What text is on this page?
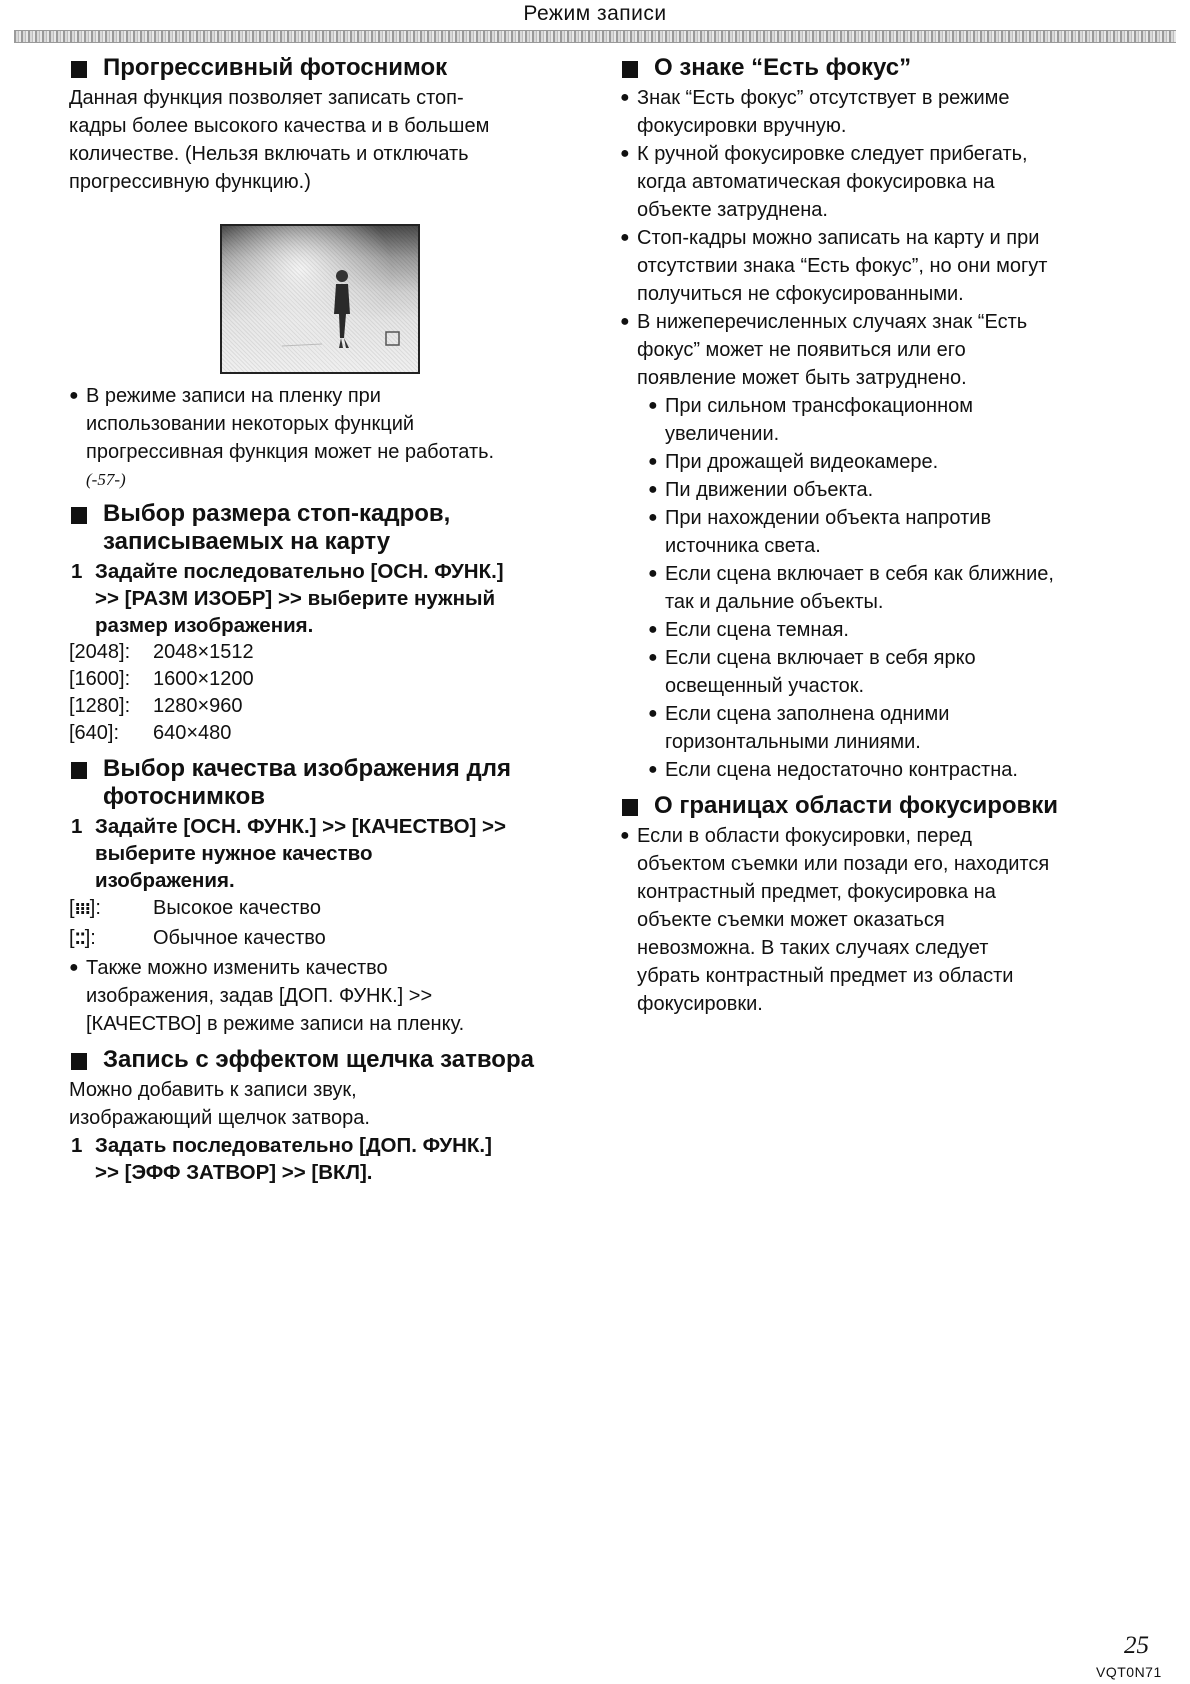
Режим записи
Прогрессивный фотоснимок

Данная функция позволяет записать стоп-

кадры более высокого качества и в большем

количестве. (Нельзя включать и отключать

прогрессивную функцию.)

● В режиме записи на пленку при
использовании некоторых функций
прогрессивная функция может не работать.
(-57-)
Выбор размера стоп-кадров,
записываемых на карту
1 Задайте последовательно [ОСН. ФУНК.]
>> [РАЗМ ИЗОБР] >> выберите нужный
размер изображения.
[2048]:	2048×1512
[1600]:	1600×1200
[1280]:	1280×960
[640]:	640×480
Выбор качества изображения для
фотоснимков
1 Задайте [ОСН. ФУНК.] >> [КАЧЕСТВО] >>
выберите нужное качество
изображения.
[⁝⁝⁝]:	Высокое качество
[⁚⁚]:	Обычное качество
● Также можно изменить качество
изображения, задав [ДОП. ФУНК.] >>
[КАЧЕСТВО] в режиме записи на пленку.
Запись с эффектом щелчка затвора

Можно добавить к записи звук,

изображающий щелчок затвора.

1 Задать последовательно [ДОП. ФУНК.]
>> [ЭФФ ЗАТВОР] >> [ВКЛ].
О знаке “Есть фокус”
● Знак “Есть фокус” отсутствует в режиме
фокусировки вручную.
● К ручной фокусировке следует прибегать,
когда автоматическая фокусировка на
объекте затруднена.
● Стоп-кадры можно записать на карту и при
отсутствии знака “Есть фокус”, но они могут
получиться не сфокусированными.
● В нижеперечисленных случаях знак “Есть
фокус” может не появиться или его
появление может быть затруднено.
● При сильном трансфокационном
увеличении.
● При дрожащей видеокамере.
● Пи движении объекта.
● При нахождении объекта напротив
источника света.
● Если сцена включает в себя как ближние,
так и дальние объекты.
● Если сцена темная.
● Если сцена включает в себя ярко
освещенный участок.
● Если сцена заполнена одними
горизонтальными линиями.
● Если сцена недостаточно контрастна.
О границах области фокусировки
● Если в области фокусировки, перед
объектом съемки или позади его, находится
контрастный предмет, фокусировка на
объекте съемки может оказаться
невозможна. В таких случаях следует
убрать контрастный предмет из области
фокусировки.
25
VQT0N71
